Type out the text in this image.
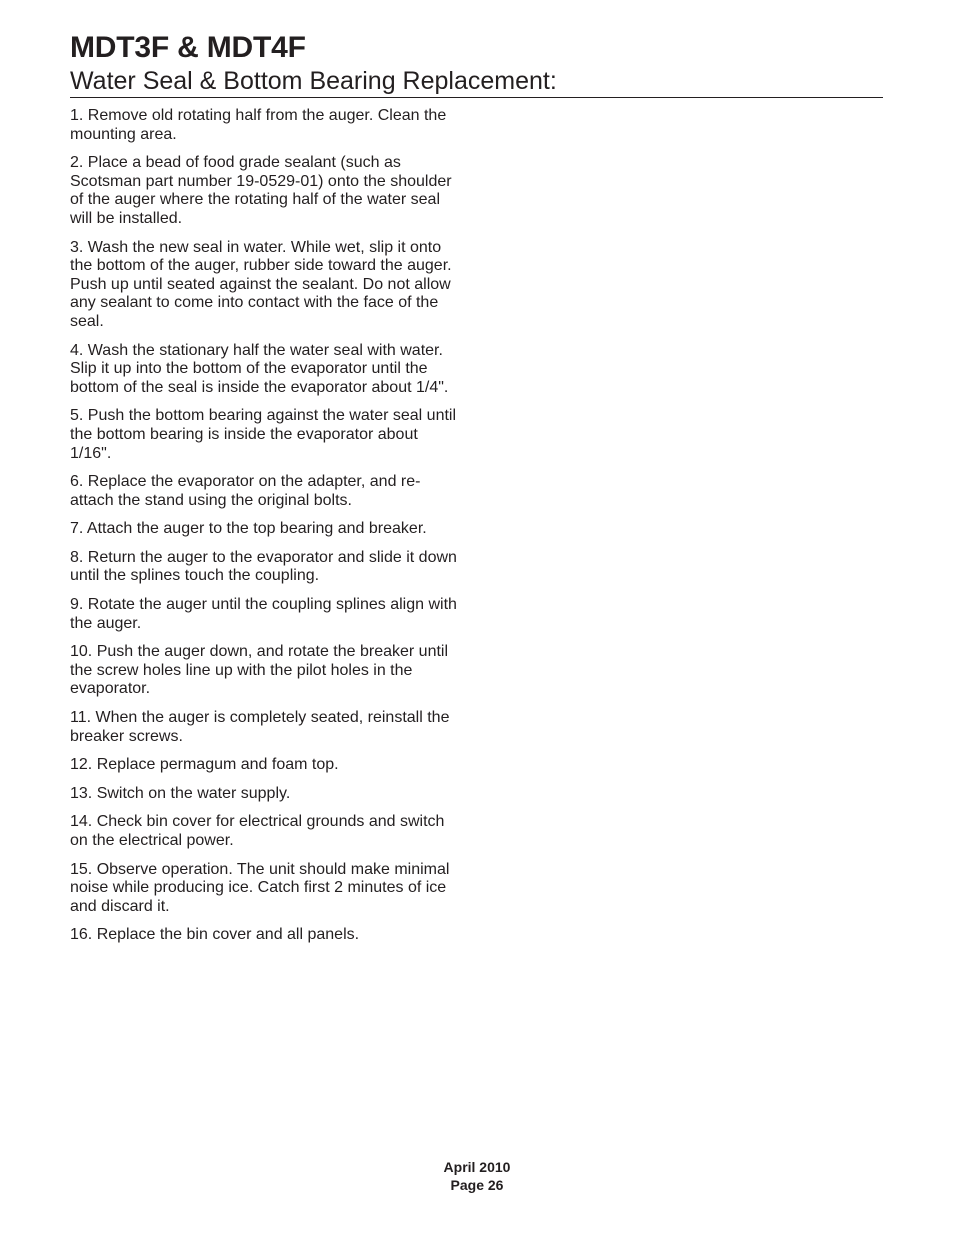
MDT3F & MDT4F
Water Seal & Bottom Bearing Replacement:
1. Remove old rotating half from the auger. Clean the mounting area.
2. Place a bead of food grade sealant (such as Scotsman part number 19-0529-01) onto the shoulder of the auger where the rotating half of the water seal will be installed.
3. Wash the new seal in water. While wet, slip it onto the bottom of the auger, rubber side toward the auger. Push up until seated against the sealant. Do not allow any sealant to come into contact with the face of the seal.
4. Wash the stationary half the water seal with water. Slip it up into the bottom of the evaporator until the bottom of the seal is inside the evaporator about 1/4".
5. Push the bottom bearing against the water seal until the bottom bearing is inside the evaporator about 1/16".
6. Replace the evaporator on the adapter, and re-attach the stand using the original bolts.
7. Attach the auger to the top bearing and breaker.
8. Return the auger to the evaporator and slide it down until the splines touch the coupling.
9. Rotate the auger until the coupling splines align with the auger.
10. Push the auger down, and rotate the breaker until the screw holes line up with the pilot holes in the evaporator.
11. When the auger is completely seated, reinstall the breaker screws.
12. Replace permagum and foam top.
13. Switch on the water supply.
14. Check bin cover for electrical grounds and switch on the electrical power.
15. Observe operation. The unit should make minimal noise while producing ice. Catch first 2 minutes of ice and discard it.
16. Replace the bin cover and all panels.
April 2010
Page 26
